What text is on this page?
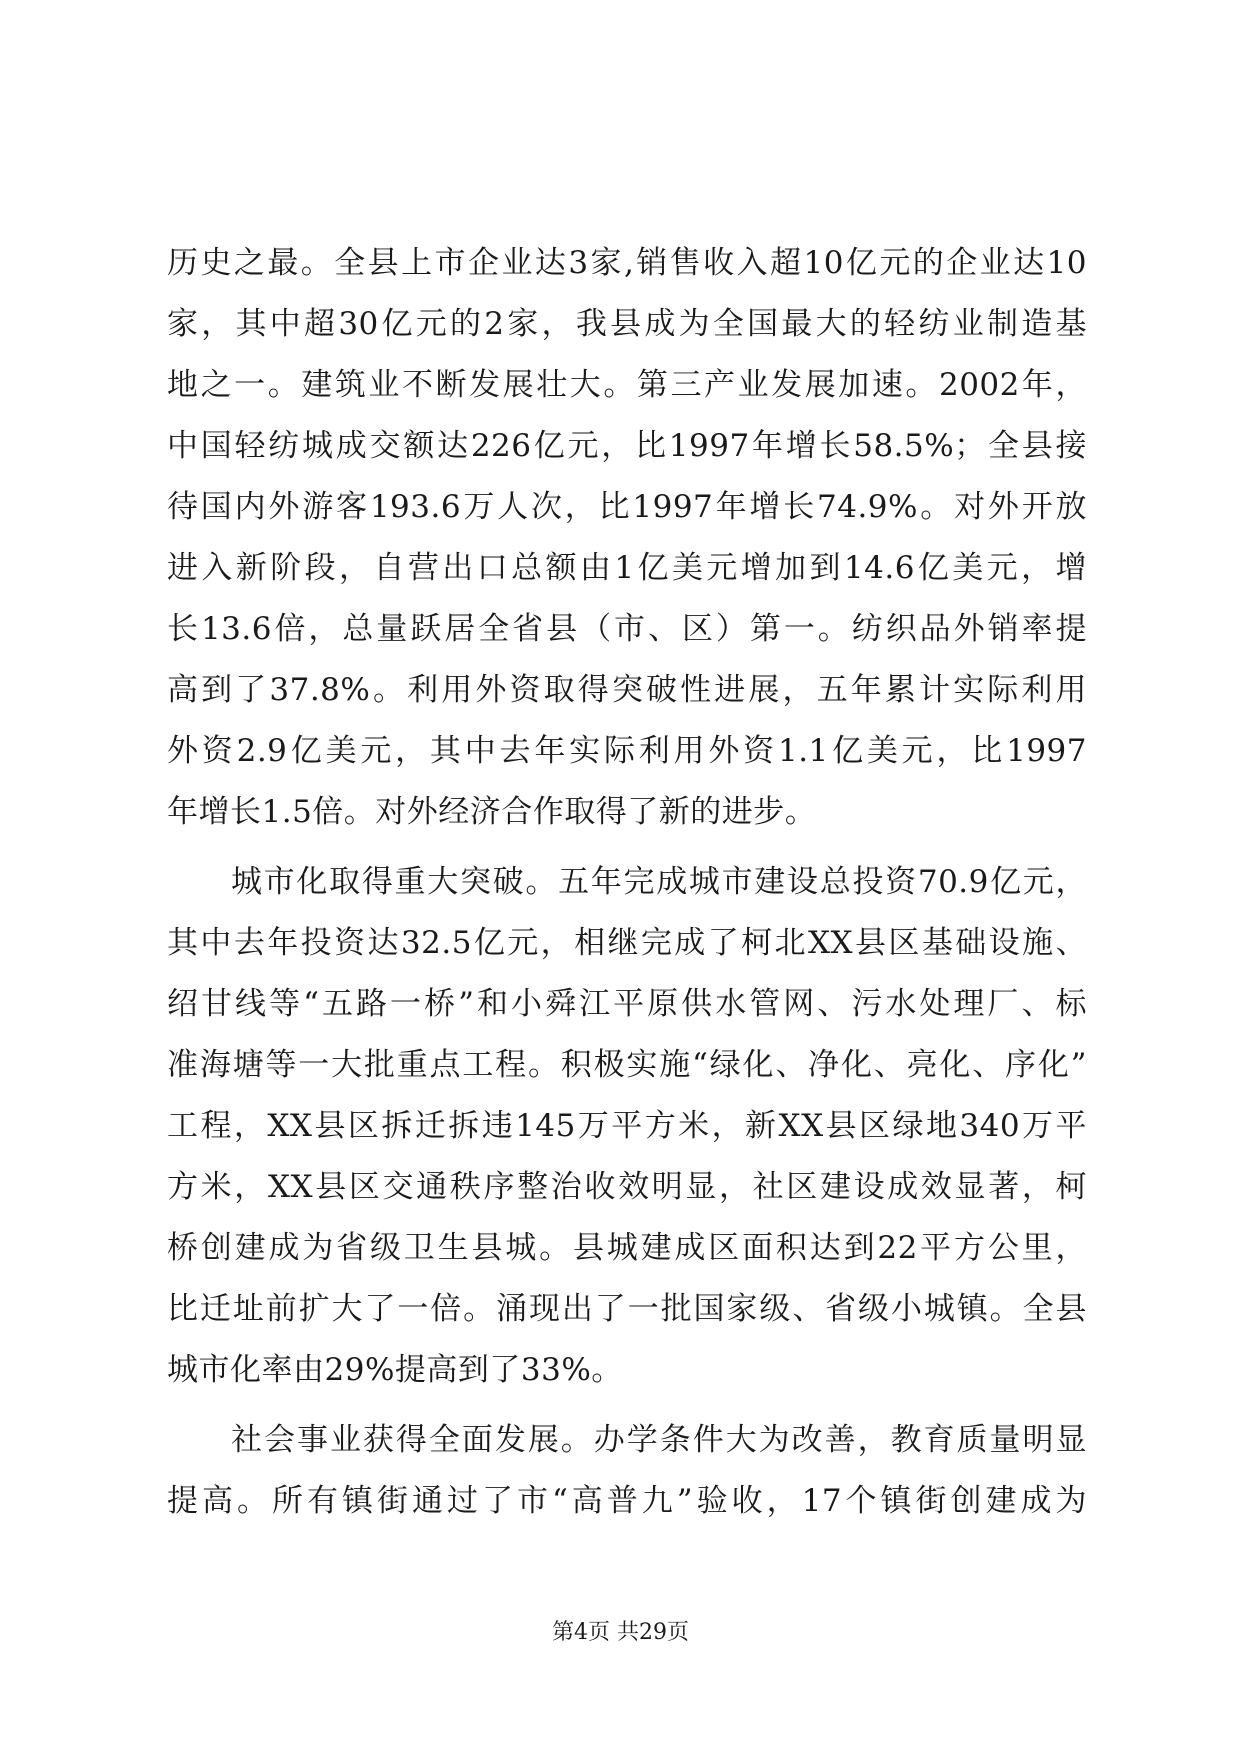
历史之最。全县上市企业达3家,销售收入超10亿元的企业达10
家，其中超30亿元的2家，我县成为全国最大的轻纺业制造基
地之一。建筑业不断发展壮大。第三产业发展加速。2002年，
中国轻纺城成交额达226亿元，比1997年增长58.5%；全县接
待国内外游客193.6万人次，比1997年增长74.9%。对外开放
进入新阶段，自营出口总额由1亿美元增加到14.6亿美元，增
长13.6倍，总量跃居全省县（市、区）第一。纺织品外销率提
高到了37.8%。利用外资取得突破性进展，五年累计实际利用
外资2.9亿美元，其中去年实际利用外资1.1亿美元，比1997
年增长1.5倍。对外经济合作取得了新的进步。
城市化取得重大突破。五年完成城市建设总投资70.9亿元，
其中去年投资达32.5亿元，相继完成了柯北XX县区基础设施、
绍甘线等“五路一桥”和小舜江平原供水管网、污水处理厂、标
准海塘等一大批重点工程。积极实施“绿化、净化、亮化、序化”
工程，XX县区拆迁拆违145万平方米，新XX县区绿地340万平
方米，XX县区交通秩序整治收效明显，社区建设成效显著，柯
桥创建成为省级卫生县城。县城建成区面积达到22平方公里，
比迁址前扩大了一倍。涌现出了一批国家级、省级小城镇。全县
城市化率由29%提高到了33%。
社会事业获得全面发展。办学条件大为改善，教育质量明显
提高。所有镇街通过了市“高普九”验收，17个镇街创建成为
第4页 共29页
